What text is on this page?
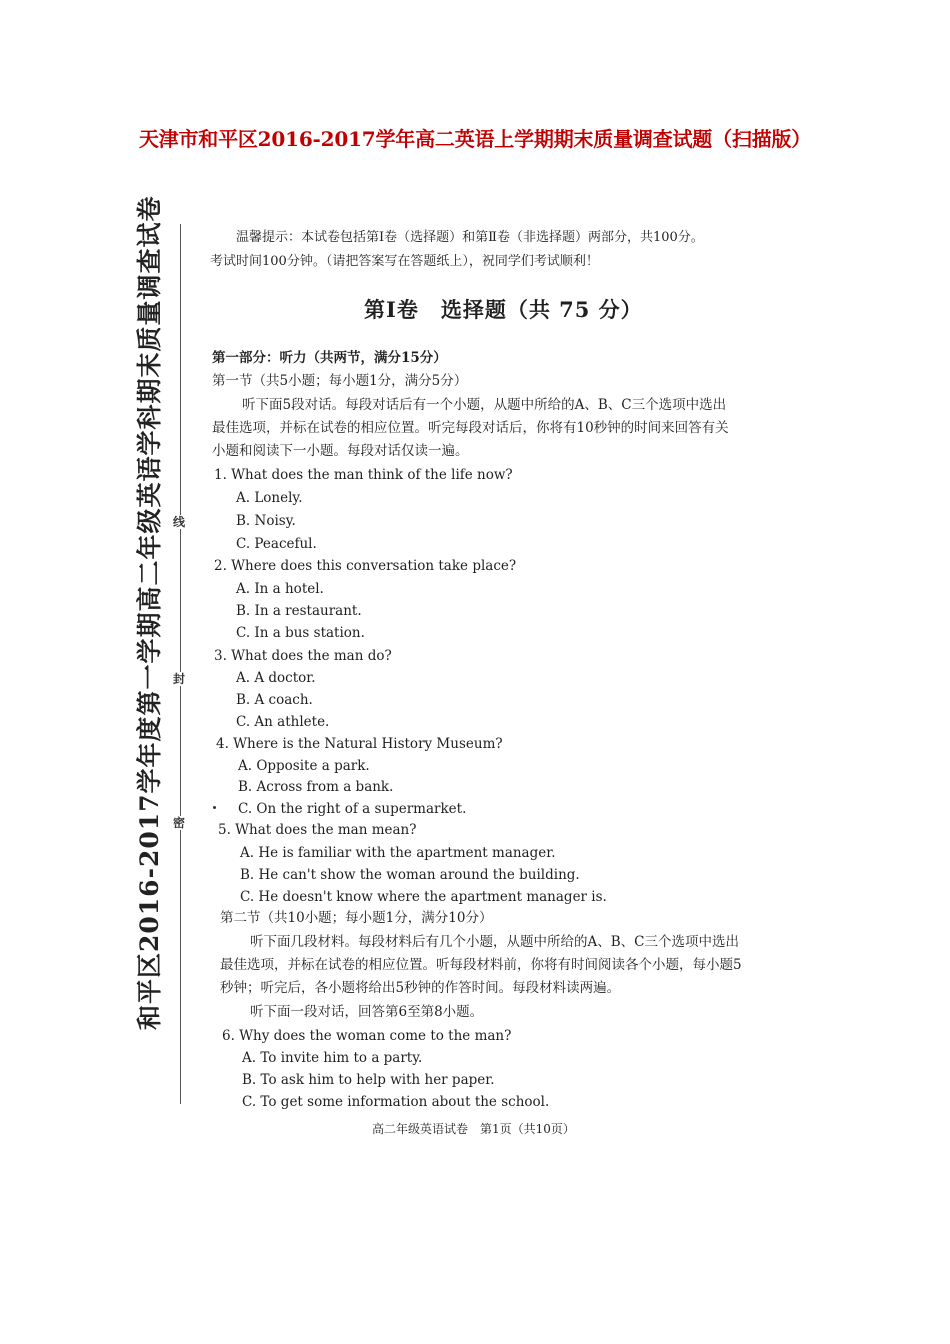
天津市和平区2016-2017学年高二英语上学期期末质量调查试题（扫描版）
和平区2016-2017学年度第一学期高二年级英语学科期末质量调查试卷 线
封
密
温馨提示：本试卷包括第Ⅰ卷（选择题）和第Ⅱ卷（非选择题）两部分，共100分。
考试时间100分钟。（请把答案写在答题纸上），祝同学们考试顺利！
第Ⅰ卷　选择题（共 75 分）
第一部分：听力（共两节，满分15分）
第一节（共5小题；每小题1分，满分5分）
听下面5段对话。每段对话后有一个小题，从题中所给的A、B、C三个选项中选出
最佳选项，并标在试卷的相应位置。听完每段对话后，你将有10秒钟的时间来回答有关
小题和阅读下一小题。每段对话仅读一遍。
1. What does the man think of the life now?
A. Lonely.
B. Noisy.
C. Peaceful.
2. Where does this conversation take place?
A. In a hotel.
B. In a restaurant.
C. In a bus station.
3. What does the man do?
A. A doctor.
B. A coach.
C. An athlete.
4. Where is the Natural History Museum?
A. Opposite a park.
B. Across from a bank.
C. On the right of a supermarket.
5. What does the man mean?
A. He is familiar with the apartment manager.
B. He can't show the woman around the building.
C. He doesn't know where the apartment manager is.
第二节（共10小题；每小题1分，满分10分）
听下面几段材料。每段材料后有几个小题，从题中所给的A、B、C三个选项中选出
最佳选项，并标在试卷的相应位置。听每段材料前，你将有时间阅读各个小题，每小题5
秒钟；听完后，各小题将给出5秒钟的作答时间。每段材料读两遍。
听下面一段对话，回答第6至第8小题。
6. Why does the woman come to the man?
A. To invite him to a party.
B. To ask him to help with her paper.
C. To get some information about the school.
高二年级英语试卷　第1页（共10页）
